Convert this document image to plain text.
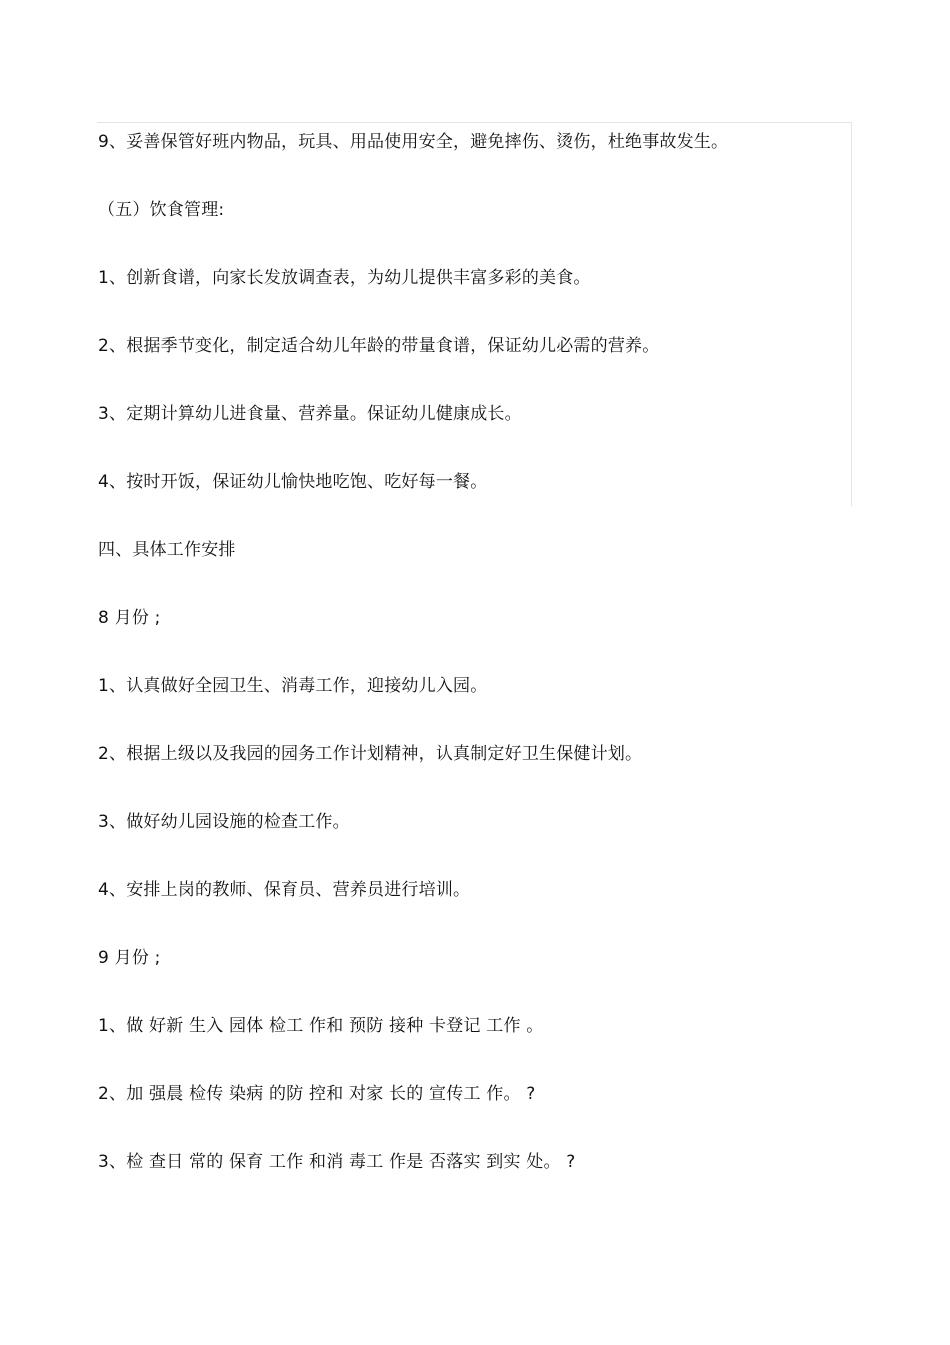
9、妥善保管好班内物品，玩具、用品使用安全，避免摔伤、烫伤，杜绝事故发生。
（五）饮食管理:
1、创新食谱，向家长发放调查表，为幼儿提供丰富多彩的美食。
2、根据季节变化，制定适合幼儿年龄的带量食谱，保证幼儿必需的营养。
3、定期计算幼儿进食量、营养量。保证幼儿健康成长。
4、按时开饭，保证幼儿愉快地吃饱、吃好每一餐。
四、具体工作安排
8 月份 ;
1、认真做好全园卫生、消毒工作，迎接幼儿入园。
2、根据上级以及我园的园务工作计划精神，认真制定好卫生保健计划。
3、做好幼儿园设施的检查工作。
4、安排上岗的教师、保育员、营养员进行培训。
9 月份 ;
1、做 好新 生入 园体 检工 作和 预防 接种 卡登记 工作 。
2、加 强晨 检传 染病 的防 控和 对家 长的 宣传工 作。 ?
3、检 查日 常的 保育 工作 和消 毒工 作是 否落实 到实 处。 ?
